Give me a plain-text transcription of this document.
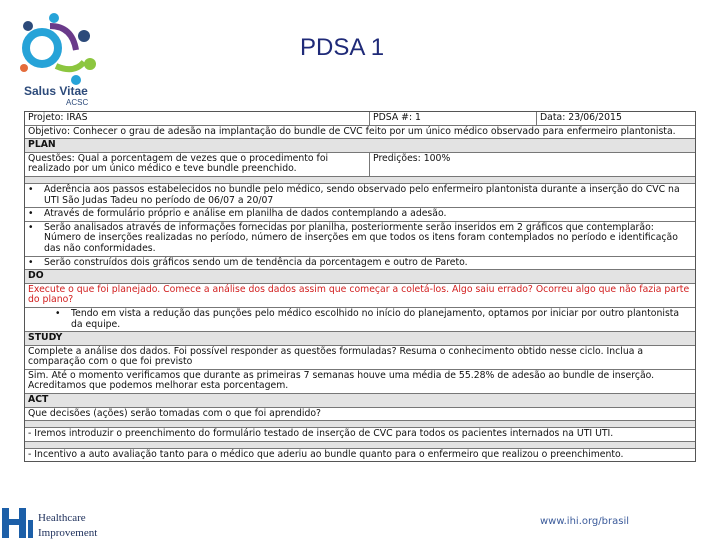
Salus Vitae
ACSC
PDSA 1
Projeto: IRAS	PDSA #: 1	Data: 23/06/2015
Objetivo: Conhecer o grau de adesão na implantação do bundle de CVC feito por um único médico observado para enfermeiro plantonista.
PLAN
Questões: Qual a porcentagem de vezes que o procedimento foi realizado por um único médico e teve bundle preenchido.
Predições: 100%
•	Aderência aos passos estabelecidos no bundle pelo médico, sendo observado pelo enfermeiro plantonista durante a inserção do CVC na UTI São Judas Tadeu no período de 06/07 a 20/07
•	Através de formulário próprio e análise em planilha de dados contemplando a adesão.
•	Serão analisados através de informações fornecidas por planilha, posteriormente serão inseridos em 2 gráficos que contemplarão: Número de inserções realizadas no período, número de inserções em que todos os itens foram contemplados no período e identificação das não conformidades.
•	Serão construídos dois gráficos sendo um de tendência da porcentagem e outro de Pareto.
DO
Execute o que foi planejado. Comece a análise dos dados assim que começar a coletá-los. Algo saiu errado? Ocorreu algo que não fazia parte do plano?
•	Tendo em vista a redução das punções pelo médico escolhido no início do planejamento, optamos por iniciar por outro plantonista da equipe.
STUDY
Complete a análise dos dados. Foi possível responder as questões formuladas? Resuma o conhecimento obtido nesse ciclo. Inclua a comparação com o que foi previsto
Sim. Até o momento verificamos que durante as primeiras 7 semanas houve uma média de 55.28% de adesão ao bundle de inserção. Acreditamos que podemos melhorar esta porcentagem.
ACT
Que decisões (ações) serão tomadas com o que foi aprendido?
- Iremos introduzir o preenchimento do formulário testado de inserção de CVC para todos os pacientes internados na UTI UTI.
- Incentivo a auto avaliação tanto para o médico que aderiu ao bundle quanto para o enfermeiro que realizou o preenchimento.
Healthcare
Improvement
www.ihi.org/brasil
